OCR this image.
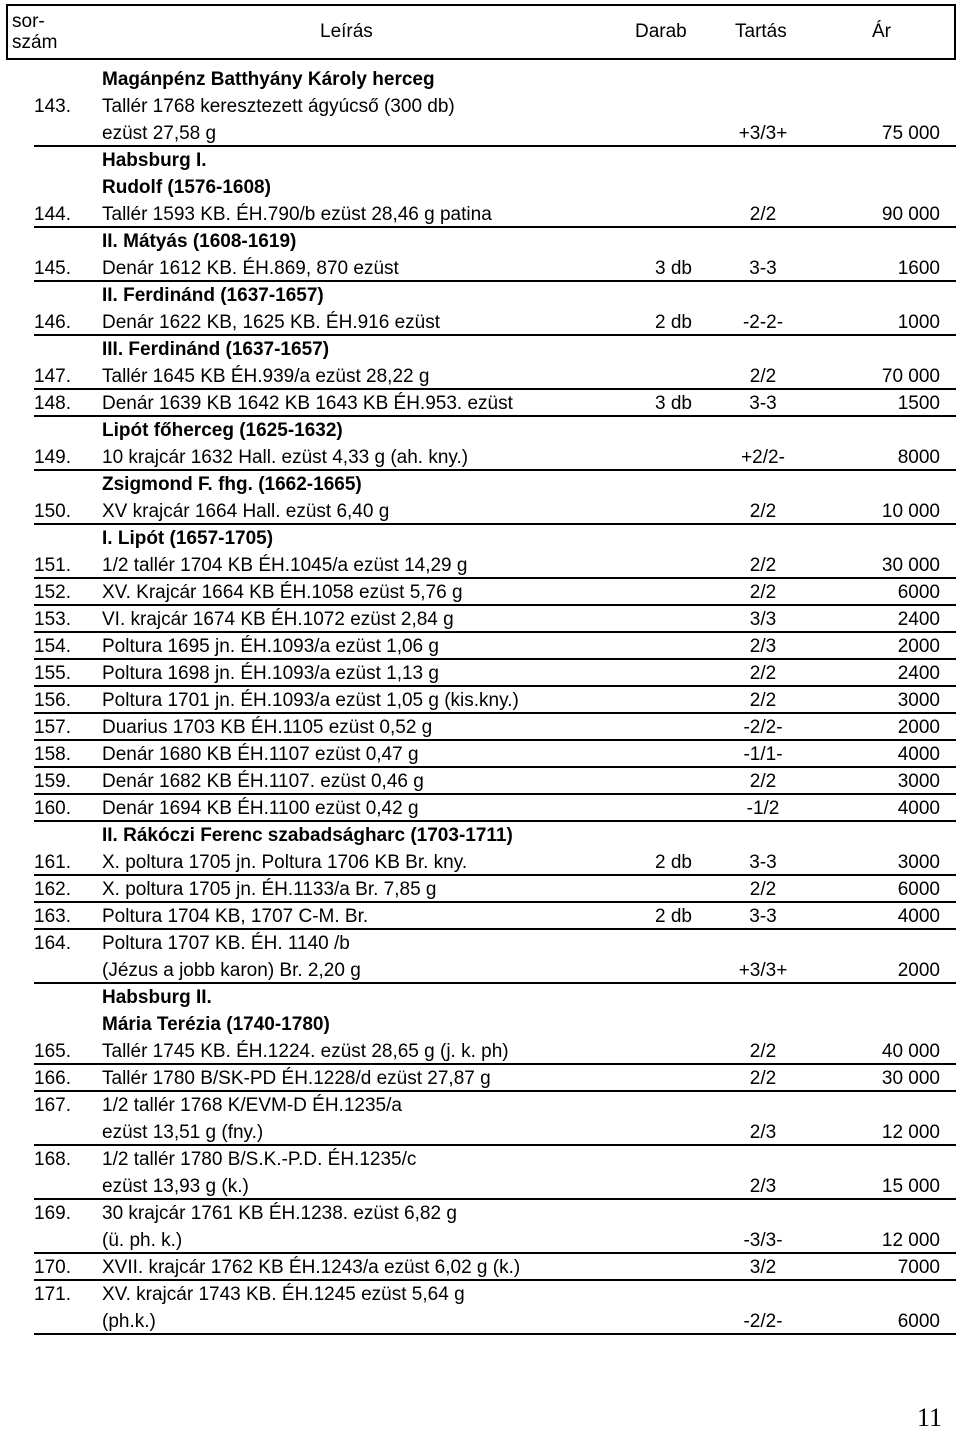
sor-
szám
Leírás	Darab	Tartás	Ár
Magánpénz Batthyány Károly herceg
143. Tallér 1768 keresztezett ágyúcső (300 db)
ezüst 27,58 g	+3/3+	75 000
Habsburg I.
Rudolf (1576-1608)
144. Tallér 1593 KB. ÉH.790/b ezüst 28,46 g patina	2/2	90 000
II. Mátyás (1608-1619)
145. Denár 1612 KB. ÉH.869, 870 ezüst	3 db	3-3	1600
II. Ferdinánd (1637-1657)
146. Denár 1622 KB, 1625 KB. ÉH.916 ezüst	2 db	-2-2-	1000
III. Ferdinánd (1637-1657)
147. Tallér 1645 KB ÉH.939/a ezüst 28,22 g	2/2	70 000
148. Denár 1639 KB 1642 KB 1643 KB ÉH.953. ezüst	3 db	3-3	1500
Lipót főherceg (1625-1632)
149. 10 krajcár 1632 Hall. ezüst 4,33 g (ah. kny.)	+2/2-	8000
Zsigmond F. fhg. (1662-1665)
150. XV krajcár 1664 Hall. ezüst 6,40 g	2/2	10 000
I. Lipót (1657-1705)
151. 1/2 tallér 1704 KB ÉH.1045/a ezüst 14,29 g	2/2	30 000
152. XV. Krajcár 1664 KB ÉH.1058 ezüst 5,76 g	2/2	6000
153. VI. krajcár 1674 KB ÉH.1072 ezüst 2,84 g	3/3	2400
154. Poltura 1695 jn. ÉH.1093/a ezüst 1,06 g	2/3	2000
155. Poltura 1698 jn. ÉH.1093/a ezüst 1,13 g	2/2	2400
156. Poltura 1701 jn. ÉH.1093/a ezüst 1,05 g (kis.kny.)	2/2	3000
157. Duarius 1703 KB ÉH.1105 ezüst 0,52 g	-2/2-	2000
158. Denár 1680 KB ÉH.1107 ezüst 0,47 g	-1/1-	4000
159. Denár 1682 KB ÉH.1107. ezüst 0,46 g	2/2	3000
160. Denár 1694 KB ÉH.1100 ezüst 0,42 g	-1/2	4000
II. Rákóczi Ferenc szabadságharc (1703-1711)
161. X. poltura 1705 jn. Poltura 1706 KB Br. kny.	2 db	3-3	3000
162. X. poltura 1705 jn. ÉH.1133/a Br. 7,85 g	2/2	6000
163. Poltura 1704 KB, 1707 C-M. Br.	2 db	3-3	4000
164. Poltura 1707 KB. ÉH. 1140 /b
(Jézus a jobb karon) Br. 2,20 g	+3/3+	2000
Habsburg II.
Mária Terézia (1740-1780)
165. Tallér 1745 KB. ÉH.1224. ezüst 28,65 g (j. k. ph)	2/2	40 000
166. Tallér 1780 B/SK-PD ÉH.1228/d ezüst 27,87 g	2/2	30 000
167. 1/2 tallér 1768 K/EVM-D ÉH.1235/a
ezüst 13,51 g (fny.)	2/3	12 000
168. 1/2 tallér 1780 B/S.K.-P.D. ÉH.1235/c
ezüst 13,93 g (k.)	2/3	15 000
169. 30 krajcár 1761 KB ÉH.1238. ezüst 6,82 g
(ü. ph. k.)	-3/3-	12 000
170. XVII. krajcár 1762 KB ÉH.1243/a ezüst 6,02 g (k.)	3/2	7000
171. XV. krajcár 1743 KB. ÉH.1245 ezüst 5,64 g
(ph.k.)	-2/2-	6000
11
